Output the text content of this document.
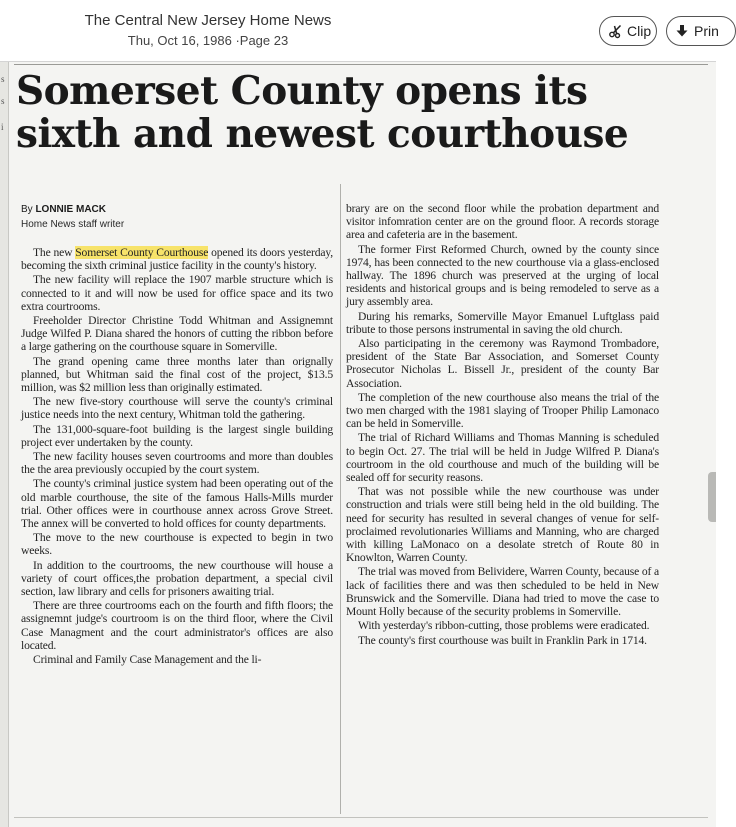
The Central New Jersey Home News
Thu, Oct 16, 1986 ·Page 23
Clip	Prin
s
s
i
Somerset County opens its
sixth and newest courthouse
By LONNIE MACK
Home News staff writer

The new Somerset County Courthouse opened its doors yesterday, becoming the sixth criminal justice facility in the county's history.

The new facility will replace the 1907 marble structure which is connected to it and will now be used for office space and its two extra courtrooms.

Freeholder Director Christine Todd Whitman and Assignemnt Judge Wilfed P. Diana shared the honors of cutting the ribbon before a large gathering on the courthouse square in Somerville.

The grand opening came three months later than orignally planned, but Whitman said the final cost of the project, $13.5 million, was $2 million less than originally estimated.

The new five-story courthouse will serve the county's criminal justice needs into the next century, Whitman told the gathering.

The 131,000-square-foot building is the largest single building project ever undertaken by the county.

The new facility houses seven courtrooms and more than doubles the the area previously occupied by the court system.

The county's criminal justice system had been operating out of the old marble courthouse, the site of the famous Halls-Mills murder trial. Other offices were in courthouse annex across Grove Street. The annex will be converted to hold offices for county departments.

The move to the new courthouse is expected to begin in two weeks.

In addition to the courtrooms, the new courthouse will house a variety of court offices,the probation department, a special civil section, law library and cells for prisoners awaiting trial.

There are three courtrooms each on the fourth and fifth floors; the assignemnt judge's courtroom is on the third floor, where the Civil Case Managment and the court administrator's offices are also located.

Criminal and Family Case Management and the li-

brary are on the second floor while the probation department and visitor infomration center are on the ground floor. A records storage area and cafeteria are in the basement.

The former First Reformed Church, owned by the county since 1974, has been connected to the new courthouse via a glass-enclosed hallway. The 1896 church was preserved at the urging of local residents and historical groups and is being remodeled to serve as a jury assembly area.

During his remarks, Somerville Mayor Emanuel Luftglass paid tribute to those persons instrumental in saving the old church.

Also participating in the ceremony was Raymond Trombadore, president of the State Bar Association, and Somerset County Prosecutor Nicholas L. Bissell Jr., president of the county Bar Association.

The completion of the new courthouse also means the trial of the two men charged with the 1981 slaying of Trooper Philip Lamonaco can be held in Somerville.

The trial of Richard Williams and Thomas Manning is scheduled to begin Oct. 27. The trial will be held in Judge Wilfred P. Diana's courtroom in the old courthouse and much of the building will be sealed off for security reasons.

That was not possible while the new courthouse was under construction and trials were still being held in the old building. The need for security has resulted in several changes of venue for self-proclaimed revolutionaries Williams and Manning, who are charged with killing LaMonaco on a desolate stretch of Route 80 in Knowlton, Warren County.

The trial was moved from Belividere, Warren County, because of a lack of facilities there and was then scheduled to be held in New Brunswick and the Somerville. Diana had tried to move the case to Mount Holly because of the security problems in Somerville.

With yesterday's ribbon-cutting, those problems were eradicated.

The county's first courthouse was built in Franklin Park in 1714.
